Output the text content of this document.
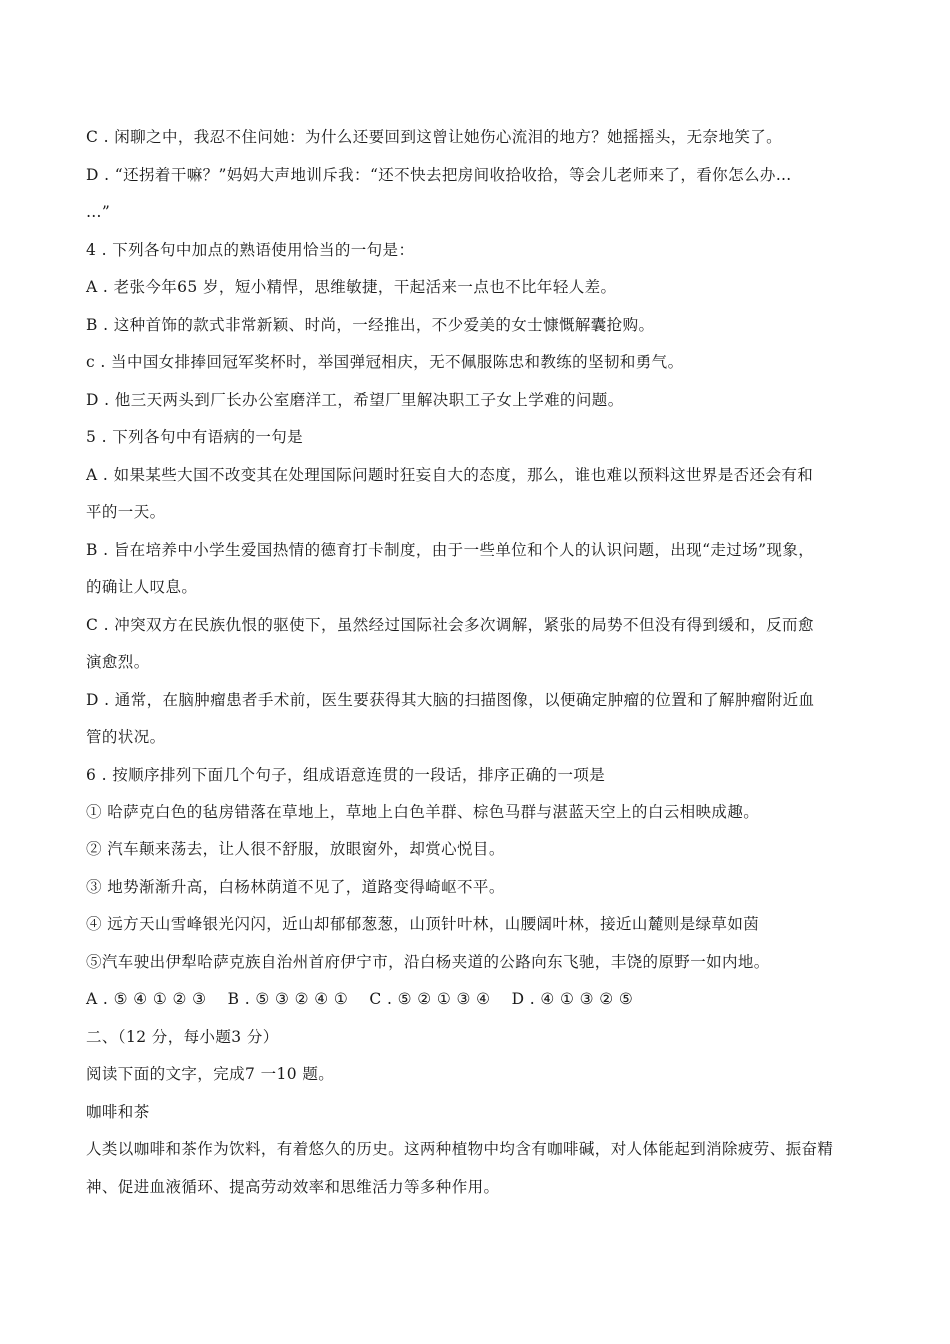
C . 闲聊之中，我忍不住问她：为什么还要回到这曾让她伤心流泪的地方？她摇摇头，无奈地笑了。
D . “还拐着干嘛？”妈妈大声地训斥我：“还不快去把房间收拾收拾，等会儿老师来了，看你怎么办…
…”
4 . 下列各句中加点的熟语使用恰当的一句是：
A . 老张今年65 岁，短小精悍，思维敏捷，干起活来一点也不比年轻人差。
B . 这种首饰的款式非常新颖、时尚，一经推出，不少爱美的女士慷慨解囊抢购。
c . 当中国女排捧回冠军奖杯时，举国弹冠相庆，无不佩服陈忠和教练的坚韧和勇气。
D . 他三天两头到厂长办公室磨洋工，希望厂里解决职工子女上学难的问题。
5 . 下列各句中有语病的一句是
A . 如果某些大国不改变其在处理国际问题时狂妄自大的态度，那么，谁也难以预料这世界是否还会有和
平的一天。
B . 旨在培养中小学生爱国热情的德育打卡制度，由于一些单位和个人的认识问题，出现“走过场”现象，
的确让人叹息。
C . 冲突双方在民族仇恨的驱使下，虽然经过国际社会多次调解，紧张的局势不但没有得到缓和，反而愈
演愈烈。
D . 通常，在脑肿瘤患者手术前，医生要获得其大脑的扫描图像，以便确定肿瘤的位置和了解肿瘤附近血
管的状况。
6 . 按顺序排列下面几个句子，组成语意连贯的一段话，排序正确的一项是
① 哈萨克白色的毡房错落在草地上，草地上白色羊群、棕色马群与湛蓝天空上的白云相映成趣。
② 汽车颠来荡去，让人很不舒服，放眼窗外，却赏心悦目。
③ 地势渐渐升高，白杨林荫道不见了，道路变得崎岖不平。
④ 远方天山雪峰银光闪闪，近山却郁郁葱葱，山顶针叶林，山腰阔叶林，接近山麓则是绿草如茵
⑤汽车驶出伊犁哈萨克族自治州首府伊宁市，沿白杨夹道的公路向东飞驰，丰饶的原野一如内地。
A . ⑤ ④ ① ② ③　 B . ⑤ ③ ② ④ ①　 C . ⑤ ② ① ③ ④　 D . ④ ① ③ ② ⑤
二、（12 分，每小题3 分）
阅读下面的文字，完成7 一10 题。
咖啡和茶
人类以咖啡和茶作为饮料，有着悠久的历史。这两种植物中均含有咖啡碱，对人体能起到消除疲劳、振奋精
神、促进血液循环、提高劳动效率和思维活力等多种作用。
